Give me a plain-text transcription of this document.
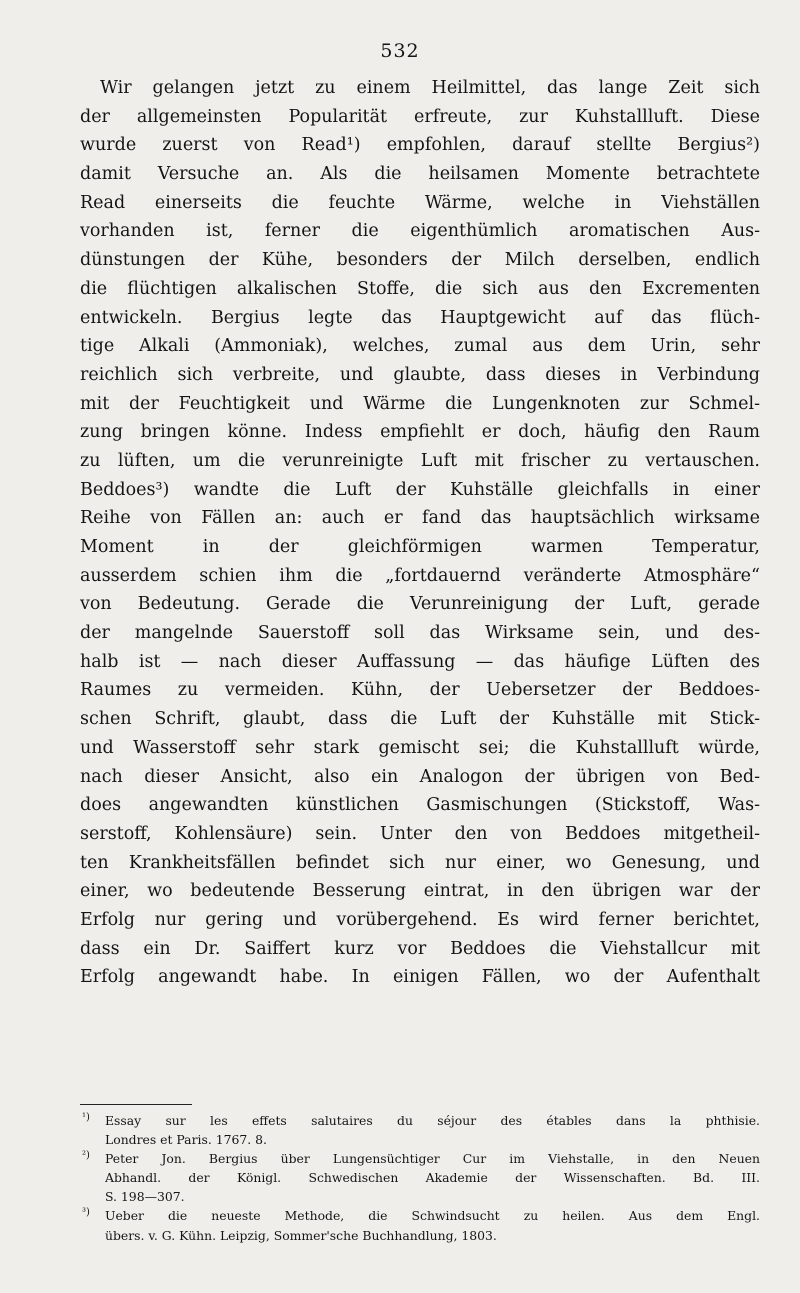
532
Wir gelangen jetzt zu einem Heilmittel, das lange Zeit sich
der allgemeinsten Popularität erfreute, zur Kuhstallluft. Diese
wurde zuerst von Read¹) empfohlen, darauf stellte Bergius²)
damit Versuche an. Als die heilsamen Momente betrachtete
Read einerseits die feuchte Wärme, welche in Viehställen
vorhanden ist, ferner die eigenthümlich aromatischen Aus-
dünstungen der Kühe, besonders der Milch derselben, endlich
die flüchtigen alkalischen Stoffe, die sich aus den Excrementen
entwickeln. Bergius legte das Hauptgewicht auf das flüch-
tige Alkali (Ammoniak), welches, zumal aus dem Urin, sehr
reichlich sich verbreite, und glaubte, dass dieses in Verbindung
mit der Feuchtigkeit und Wärme die Lungenknoten zur Schmel-
zung bringen könne. Indess empfiehlt er doch, häufig den Raum
zu lüften, um die verunreinigte Luft mit frischer zu vertauschen.
Beddoes³) wandte die Luft der Kuhställe gleichfalls in einer
Reihe von Fällen an: auch er fand das hauptsächlich wirksame
Moment in der gleichförmigen warmen Temperatur,
ausserdem schien ihm die „fortdauernd veränderte Atmosphäre“
von Bedeutung. Gerade die Verunreinigung der Luft, gerade
der mangelnde Sauerstoff soll das Wirksame sein, und des-
halb ist — nach dieser Auffassung — das häufige Lüften des
Raumes zu vermeiden. Kühn, der Uebersetzer der Beddoes-
schen Schrift, glaubt, dass die Luft der Kuhställe mit Stick-
und Wasserstoff sehr stark gemischt sei; die Kuhstallluft würde,
nach dieser Ansicht, also ein Analogon der übrigen von Bed-
does angewandten künstlichen Gasmischungen (Stickstoff, Was-
serstoff, Kohlensäure) sein. Unter den von Beddoes mitgetheil-
ten Krankheitsfällen befindet sich nur einer, wo Genesung, und
einer, wo bedeutende Besserung eintrat, in den übrigen war der
Erfolg nur gering und vorübergehend. Es wird ferner berichtet,
dass ein Dr. Saiffert kurz vor Beddoes die Viehstallcur mit
Erfolg angewandt habe. In einigen Fällen, wo der Aufenthalt
¹) Essay sur les effets salutaires du séjour des étables dans la phthisie.
Londres et Paris. 1767. 8.
²) Peter Jon. Bergius über Lungensüchtiger Cur im Viehstalle, in den Neuen
Abhandl. der Königl. Schwedischen Akademie der Wissenschaften. Bd. III.
S. 198—307.
³) Ueber die neueste Methode, die Schwindsucht zu heilen. Aus dem Engl.
übers. v. G. Kühn. Leipzig, Sommer'sche Buchhandlung, 1803.
